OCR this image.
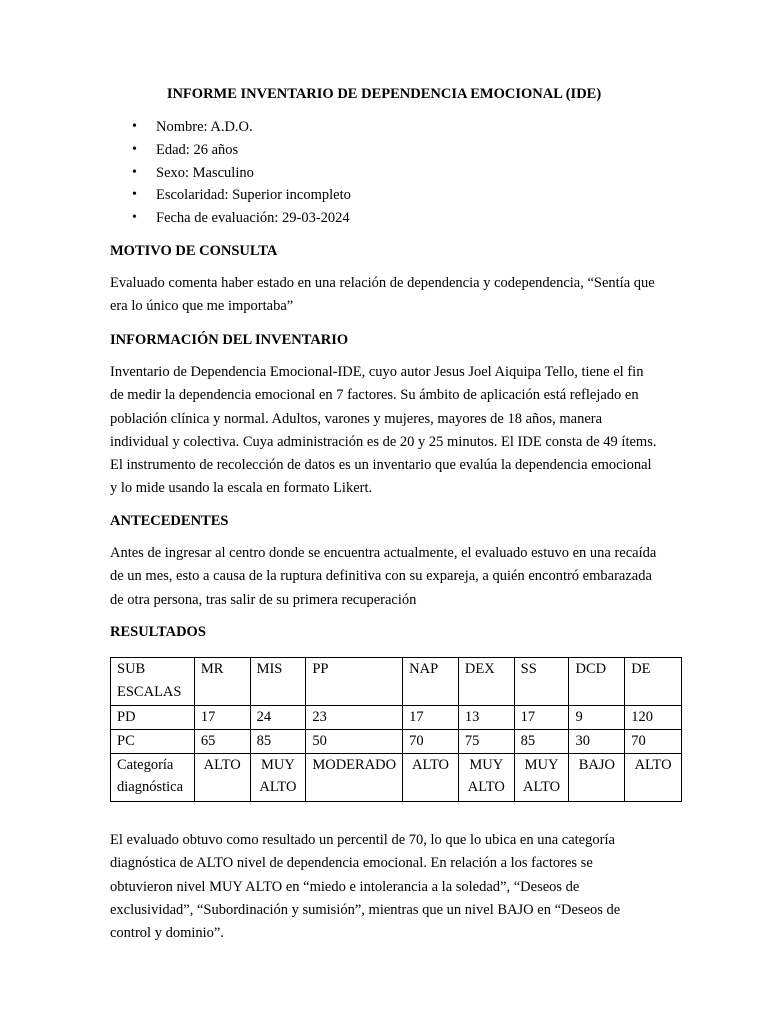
INFORME INVENTARIO DE DEPENDENCIA EMOCIONAL (IDE)
• Nombre: A.D.O.
• Edad: 26 años
• Sexo: Masculino
• Escolaridad: Superior incompleto
• Fecha de evaluación: 29-03-2024
MOTIVO DE CONSULTA

Evaluado comenta haber estado en una relación de dependencia y codependencia, “Sentía que era lo único que me importaba”

INFORMACIÓN DEL INVENTARIO

Inventario de Dependencia Emocional-IDE, cuyo autor Jesus Joel Aiquipa Tello, tiene el fin de medir la dependencia emocional en 7 factores. Su ámbito de aplicación está reflejado en población clínica y normal. Adultos, varones y mujeres, mayores de 18 años, manera individual y colectiva. Cuya administración es de 20 y 25 minutos. El IDE consta de 49 ítems. El instrumento de recolección de datos es un inventario que evalúa la dependencia emocional y lo mide usando la escala en formato Likert.

ANTECEDENTES

Antes de ingresar al centro donde se encuentra actualmente, el evaluado estuvo en una recaída de un mes, esto a causa de la ruptura definitiva con su expareja, a quién encontró embarazada de otra persona, tras salir de su primera recuperación

RESULTADOS
SUB ESCALAS	MR	MIS	PP	NAP	DEX	SS	DCD	DE
PD	17	24	23	17	13	17	9	120
PC	65	85	50	70	75	85	30	70
Categoría diagnóstica	ALTO	MUY ALTO	MODERADO	ALTO	MUY ALTO	MUY ALTO	BAJO	ALTO

El evaluado obtuvo como resultado un percentil de 70, lo que lo ubica en una categoría diagnóstica de ALTO nivel de dependencia emocional. En relación a los factores se obtuvieron nivel MUY ALTO en “miedo e intolerancia a la soledad”, “Deseos de exclusividad”, “Subordinación y sumisión”, mientras que un nivel BAJO en “Deseos de control y dominio”.
